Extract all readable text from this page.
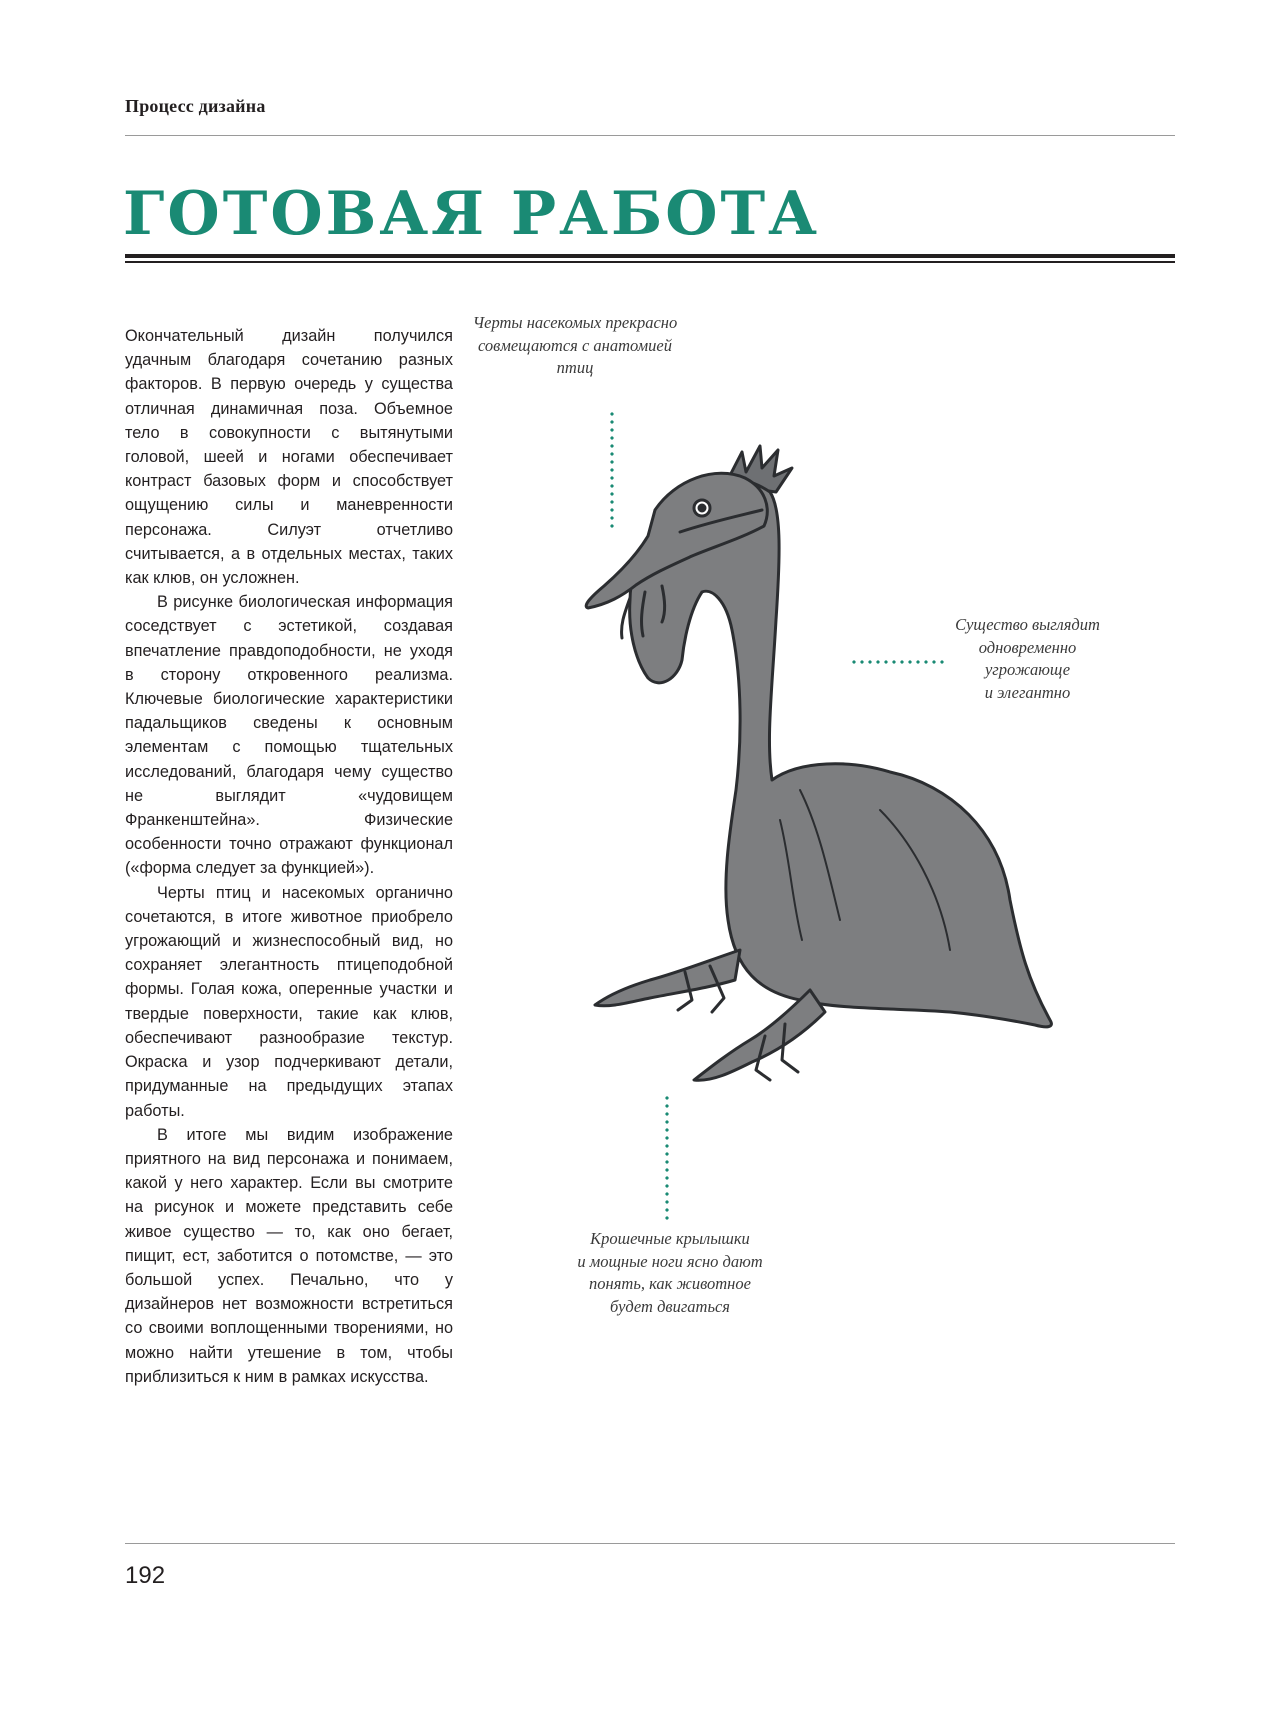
Процесс дизайна
ГОТОВАЯ РАБОТА

Окончательный дизайн получился удачным благодаря сочетанию разных факторов. В первую очередь у существа отличная динамичная поза. Объемное тело в совокупности с вытянутыми головой, шеей и ногами обеспечивает контраст базовых форм и способствует ощущению силы и маневренности персонажа. Силуэт отчетливо считывается, а в отдельных местах, таких как клюв, он усложнен.

В рисунке биологическая информация соседствует с эстетикой, создавая впечатление правдоподобности, не уходя в сторону откровенного реализма. Ключевые биологические характеристики падальщиков сведены к основным элементам с помощью тщательных исследований, благодаря чему существо не выглядит «чудовищем Франкенштейна». Физические особенности точно отражают функционал («форма следует за функцией»).

Черты птиц и насекомых органично сочетаются, в итоге животное приобрело угрожающий и жизнеспособный вид, но сохраняет элегантность птицеподобной формы. Голая кожа, оперенные участки и твердые поверхности, такие как клюв, обеспечивают разнообразие текстур. Окраска и узор подчеркивают детали, придуманные на предыдущих этапах работы.

В итоге мы видим изображение приятного на вид персонажа и понимаем, какой у него характер. Если вы смотрите на рисунок и можете представить себе живое существо — то, как оно бегает, пищит, ест, заботится о потомстве, — это большой успех. Печально, что у дизайнеров нет возможности встретиться со своими воплощенными творениями, но можно найти утешение в том, чтобы приблизиться к ним в рамках искусства.

Черты насекомых прекрасно
совмещаются с анатомией
птиц
Существо выглядит
одновременно
угрожающе
и элегантно
Крошечные крылышки
и мощные ноги ясно дают
понять, как животное
будет двигаться
192
